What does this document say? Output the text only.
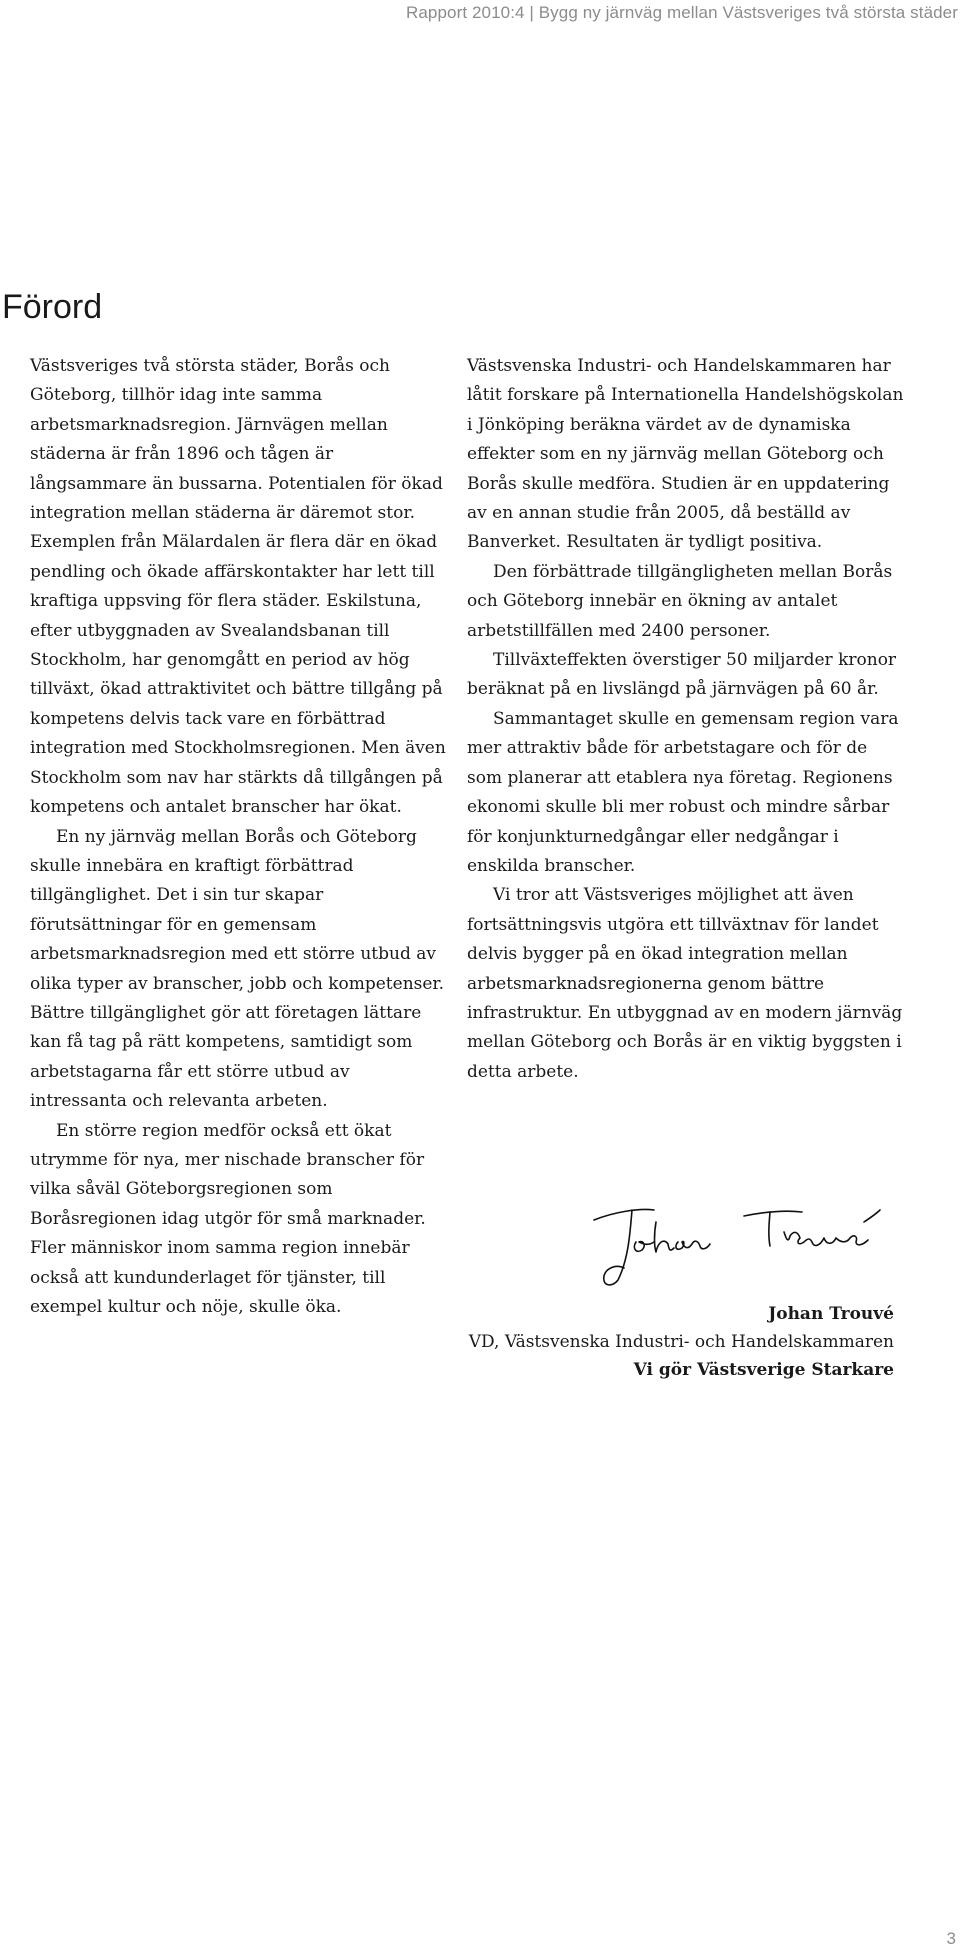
Rapport 2010:4 | Bygg ny järnväg mellan Västsveriges två största städer
Förord

Västsveriges två största städer, Borås och Göteborg, tillhör idag inte samma arbetsmarknadsregion. Järnvägen mellan städerna är från 1896 och tågen är långsammare än bussarna. Potentialen för ökad integration mellan städerna är däremot stor. Exemplen från Mälardalen är flera där en ökad pendling och ökade affärskontakter har lett till kraftiga uppsving för flera städer. Eskilstuna, efter utbyggnaden av Svealandsbanan till Stockholm, har genomgått en period av hög tillväxt, ökad attraktivitet och bättre tillgång på kompetens delvis tack vare en förbättrad integration med Stockholmsregionen. Men även Stockholm som nav har stärkts då tillgången på kompetens och antalet branscher har ökat.

En ny järnväg mellan Borås och Göteborg skulle innebära en kraftigt förbättrad tillgänglighet. Det i sin tur skapar förutsättningar för en gemensam arbetsmarknadsregion med ett större utbud av olika typer av branscher, jobb och kompetenser. Bättre tillgänglighet gör att företagen lättare kan få tag på rätt kompetens, samtidigt som arbetstagarna får ett större utbud av intressanta och relevanta arbeten.

En större region medför också ett ökat utrymme för nya, mer nischade branscher för vilka såväl Göteborgsregionen som Boråsregionen idag utgör för små marknader. Fler människor inom samma region innebär också att kundunderlaget för tjänster, till exempel kultur och nöje, skulle öka.

Västsvenska Industri- och Handelskammaren har låtit forskare på Internationella Handelshögskolan i Jönköping beräkna värdet av de dynamiska effekter som en ny järnväg mellan Göteborg och Borås skulle medföra. Studien är en uppdatering av en annan studie från 2005, då beställd av Banverket. Resultaten är tydligt positiva.

Den förbättrade tillgängligheten mellan Borås och Göteborg innebär en ökning av antalet arbetstillfällen med 2400 personer.

Tillväxteffekten överstiger 50 miljarder kronor beräknat på en livslängd på järnvägen på 60 år.

Sammantaget skulle en gemensam region vara mer attraktiv både för arbetstagare och för de som planerar att etablera nya företag. Regionens ekonomi skulle bli mer robust och mindre sårbar för konjunkturnedgångar eller nedgångar i enskilda branscher.

Vi tror att Västsveriges möjlighet att även fortsättningsvis utgöra ett tillväxtnav för landet delvis bygger på en ökad integration mellan arbetsmarknadsregionerna genom bättre infrastruktur. En utbyggnad av en modern järnväg mellan Göteborg och Borås är en viktig byggsten i detta arbete.

Johan Trouvé
VD, Västsvenska Industri- och Handelskammaren
Vi gör Västsverige Starkare
3
